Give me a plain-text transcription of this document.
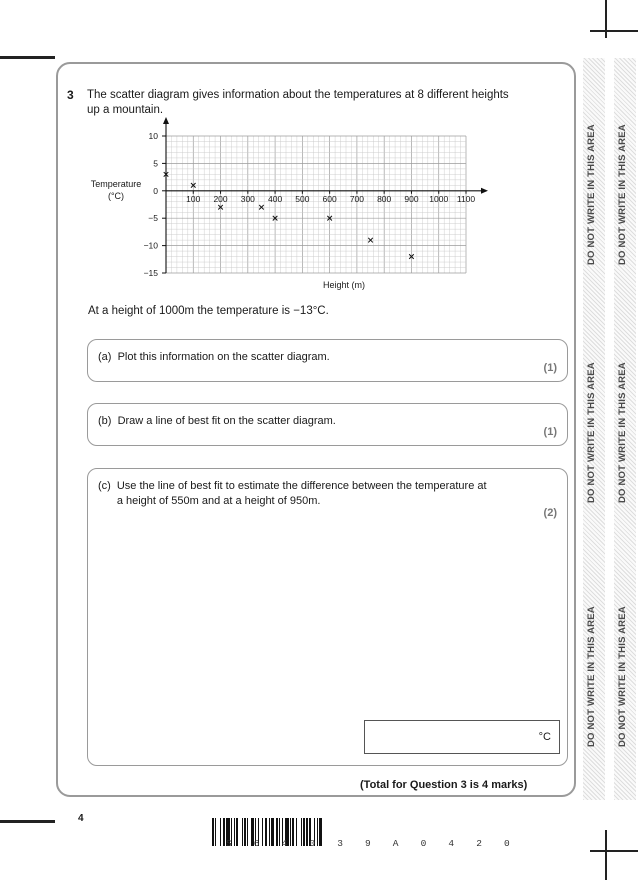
3 The scatter diagram gives information about the temperatures at 8 different heights up a mountain.
10
5
0
−5
−10
−15
100 200 300 400 500 600 700 800 900 1000 1100
Temperature
(°C)
Height (m)
At a height of 1000m the temperature is −13°C.
(a) Plot this information on the scatter diagram.
(1)
(b) Draw a line of best fit on the scatter diagram.
(1)
(c) Use the line of best fit to estimate the difference between the temperature at a height of 550m and at a height of 950m.
(2)
°C
(Total for Question 3 is 4 marks)
4
S 6 4 0 3 9 A 0 4 2 0
DO NOT WRITE IN THIS AREA
DO NOT WRITE IN THIS AREA
DO NOT WRITE IN THIS AREA
DO NOT WRITE IN THIS AREA
DO NOT WRITE IN THIS AREA
DO NOT WRITE IN THIS AREA
